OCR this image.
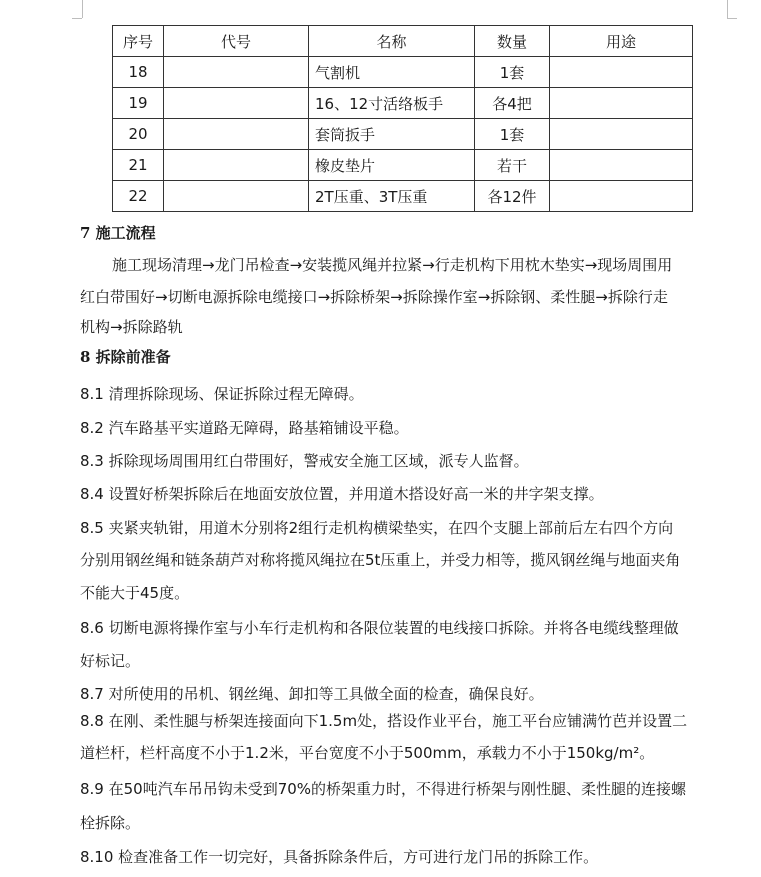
序号	代号	名称	数量	用途
18		气割机	1套	
19		16、12寸活络板手	各4把	
20		套筒扳手	1套	
21		橡皮垫片	若干	
22		2T压重、3T压重	各12件	
7 施工流程
施工现场清理→龙门吊检查→安装揽风绳并拉紧→行走机构下用枕木垫实→现场周围用
红白带围好→切断电源拆除电缆接口→拆除桥架→拆除操作室→拆除钢、柔性腿→拆除行走
机构→拆除路轨
8 拆除前准备
8.1 清理拆除现场、保证拆除过程无障碍。
8.2 汽车路基平实道路无障碍，路基箱铺设平稳。
8.3 拆除现场周围用红白带围好，警戒安全施工区域，派专人监督。
8.4 设置好桥架拆除后在地面安放位置，并用道木搭设好高一米的井字架支撑。
8.5 夹紧夹轨钳，用道木分别将2组行走机构横梁垫实，在四个支腿上部前后左右四个方向
分别用钢丝绳和链条葫芦对称将揽风绳拉在5t压重上，并受力相等，揽风钢丝绳与地面夹角
不能大于45度。
8.6 切断电源将操作室与小车行走机构和各限位装置的电线接口拆除。并将各电缆线整理做
好标记。
8.7 对所使用的吊机、钢丝绳、卸扣等工具做全面的检查，确保良好。
8.8 在刚、柔性腿与桥架连接面向下1.5m处，搭设作业平台，施工平台应铺满竹芭并设置二
道栏杆，栏杆高度不小于1.2米，平台宽度不小于500mm，承载力不小于150kg/m²。
8.9 在50吨汽车吊吊钩未受到70%的桥架重力时，不得进行桥架与刚性腿、柔性腿的连接螺
栓拆除。
8.10 检查准备工作一切完好，具备拆除条件后，方可进行龙门吊的拆除工作。
